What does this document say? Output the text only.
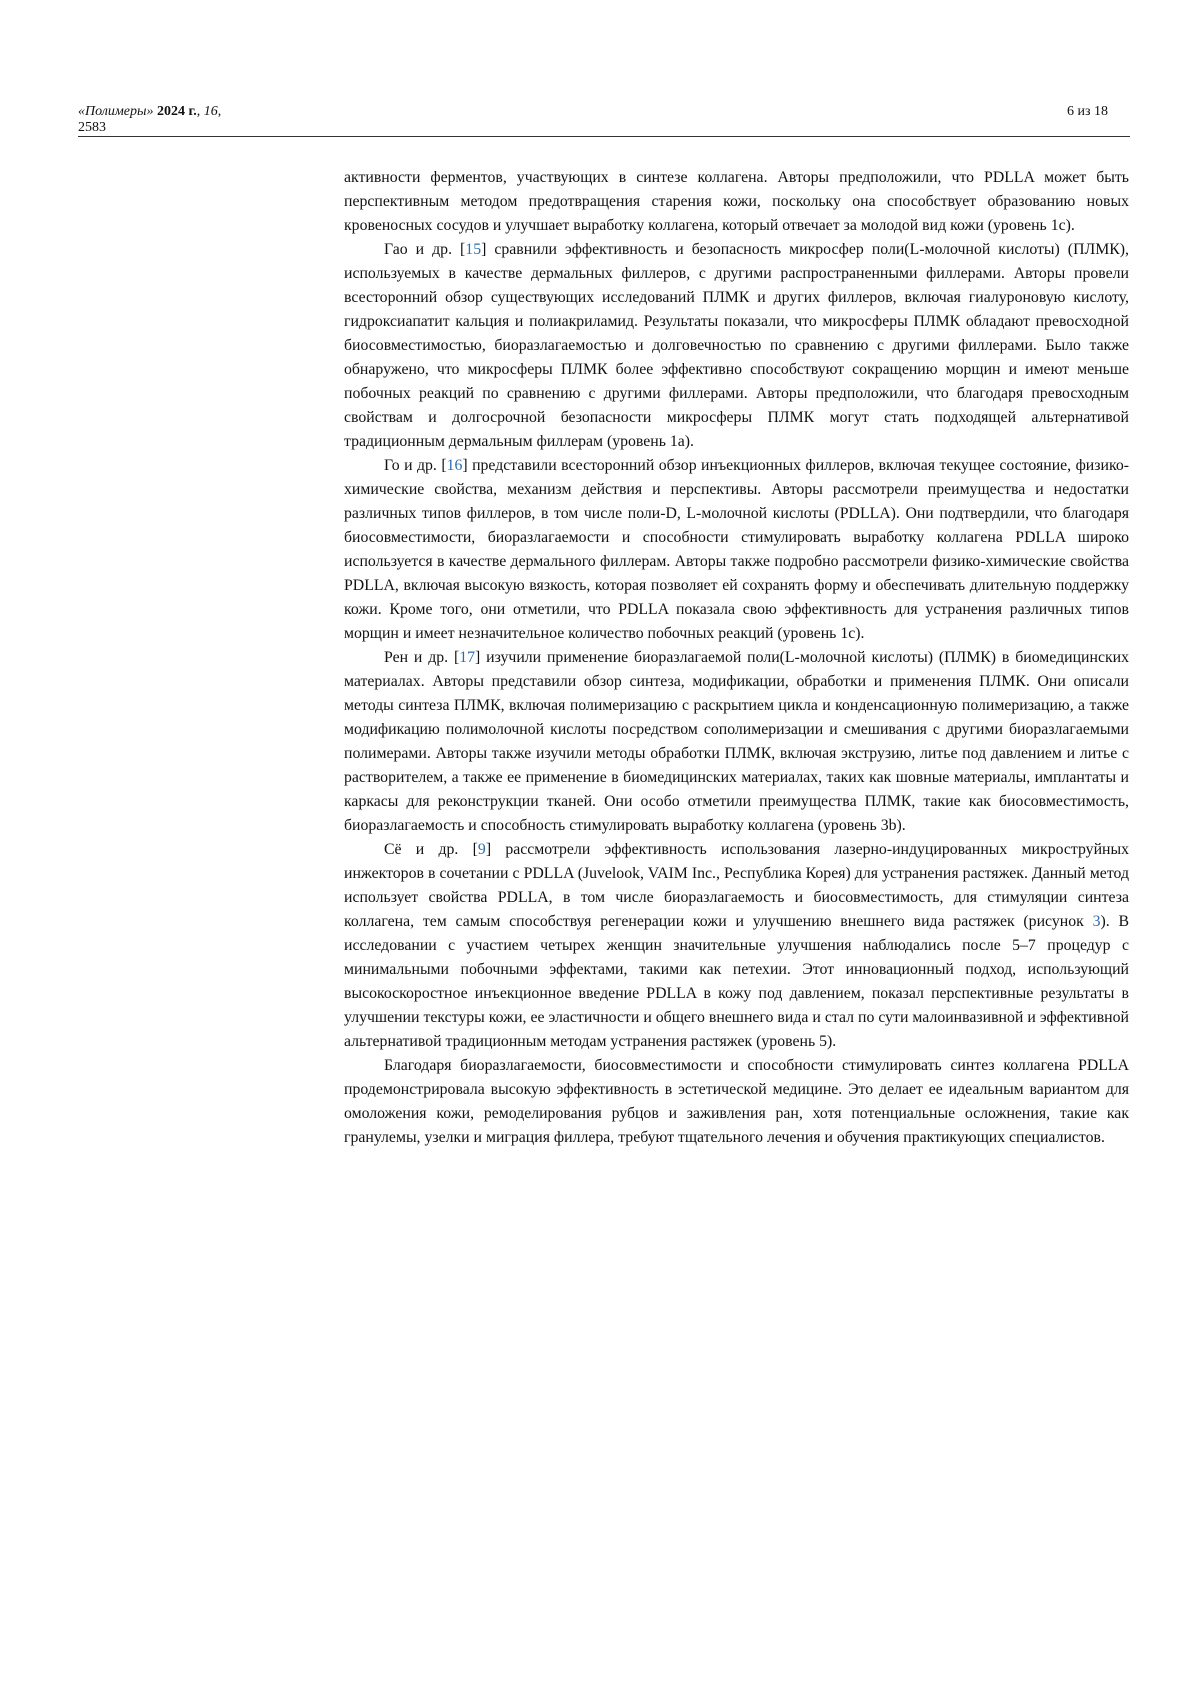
«Полимеры» 2024 г., 16,
2583
6 из 18

активности ферментов, участвующих в синтезе коллагена. Авторы предположили, что PDLLA может быть перспективным методом предотвращения старения кожи, поскольку она способствует образованию новых кровеносных сосудов и улучшает выработку коллагена, который отвечает за молодой вид кожи (уровень 1с).

Гао и др. [15] сравнили эффективность и безопасность микросфер поли(L-молочной кислоты) (ПЛМК), используемых в качестве дермальных филлеров, с другими распространенными филлерами. Авторы провели всесторонний обзор существующих исследований ПЛМК и других филлеров, включая гиалуроновую кислоту, гидроксиапатит кальция и полиакриламид. Результаты показали, что микросферы ПЛМК обладают превосходной биосовместимостью, биоразлагаемостью и долговечностью по сравнению с другими филлерами. Было также обнаружено, что микросферы ПЛМК более эффективно способствуют сокращению морщин и имеют меньше побочных реакций по сравнению с другими филлерами. Авторы предположили, что благодаря превосходным свойствам и долгосрочной безопасности микросферы ПЛМК могут стать подходящей альтернативой традиционным дермальным филлерам (уровень 1а).

Го и др. [16] представили всесторонний обзор инъекционных филлеров, включая текущее состояние, физико-химические свойства, механизм действия и перспективы. Авторы рассмотрели преимущества и недостатки различных типов филлеров, в том числе поли-D, L-молочной кислоты (PDLLA). Они подтвердили, что благодаря биосовместимости, биоразлагаемости и способности стимулировать выработку коллагена PDLLA широко используется в качестве дермального филлерам. Авторы также подробно рассмотрели физико-химические свойства PDLLA, включая высокую вязкость, которая позволяет ей сохранять форму и обеспечивать длительную поддержку кожи. Кроме того, они отметили, что PDLLA показала свою эффективность для устранения различных типов морщин и имеет незначительное количество побочных реакций (уровень 1с).

Рен и др. [17] изучили применение биоразлагаемой поли(L-молочной кислоты) (ПЛМК) в биомедицинских материалах. Авторы представили обзор синтеза, модификации, обработки и применения ПЛМК. Они описали методы синтеза ПЛМК, включая полимеризацию с раскрытием цикла и конденсационную полимеризацию, а также модификацию полимолочной кислоты посредством сополимеризации и смешивания с другими биоразлагаемыми полимерами. Авторы также изучили методы обработки ПЛМК, включая экструзию, литье под давлением и литье с растворителем, а также ее применение в биомедицинских материалах, таких как шовные материалы, имплантаты и каркасы для реконструкции тканей. Они особо отметили преимущества ПЛМК, такие как биосовместимость, биоразлагаемость и способность стимулировать выработку коллагена (уровень 3b).

Сё и др. [9] рассмотрели эффективность использования лазерно-индуцированных микроструйных инжекторов в сочетании с PDLLA (Juvelook, VAIM Inc., Республика Корея) для устранения растяжек. Данный метод использует свойства PDLLA, в том числе биоразлагаемость и биосовместимость, для стимуляции синтеза коллагена, тем самым способствуя регенерации кожи и улучшению внешнего вида растяжек (рисунок 3). В исследовании с участием четырех женщин значительные улучшения наблюдались после 5–7 процедур с минимальными побочными эффектами, такими как петехии. Этот инновационный подход, использующий высокоскоростное инъекционное введение PDLLA в кожу под давлением, показал перспективные результаты в улучшении текстуры кожи, ее эластичности и общего внешнего вида и стал по сути малоинвазивной и эффективной альтернативой традиционным методам устранения растяжек (уровень 5).

Благодаря биоразлагаемости, биосовместимости и способности стимулировать синтез коллагена PDLLA продемонстрировала высокую эффективность в эстетической медицине. Это делает ее идеальным вариантом для омоложения кожи, ремоделирования рубцов и заживления ран, хотя потенциальные осложнения, такие как гранулемы, узелки и миграция филлера, требуют тщательного лечения и обучения практикующих специалистов.
